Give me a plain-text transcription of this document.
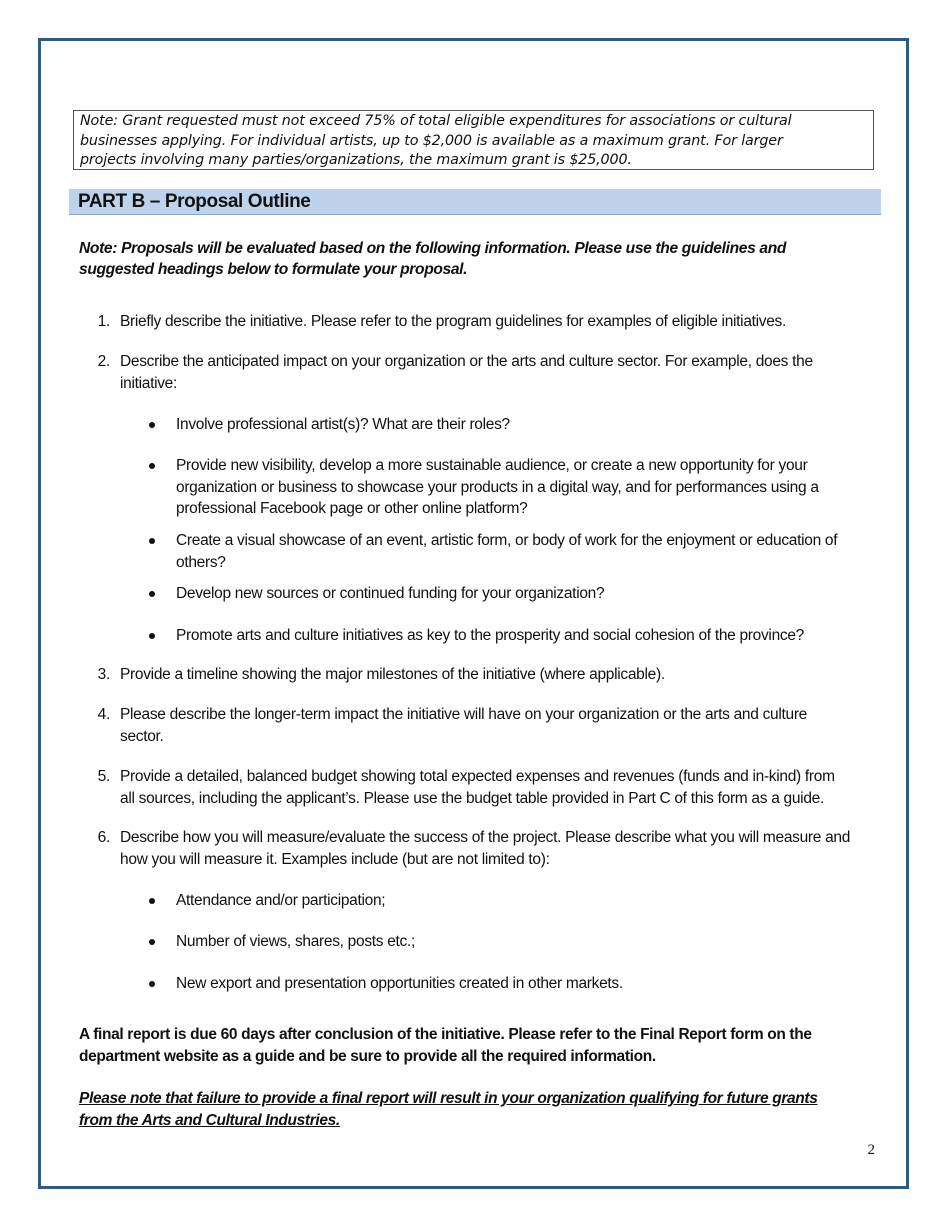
Note: Grant requested must not exceed 75% of total eligible expenditures for associations or cultural
businesses applying. For individual artists, up to $2,000 is available as a maximum grant. For larger
projects involving many parties/organizations, the maximum grant is $25,000.
PART B – Proposal Outline
Note: Proposals will be evaluated based on the following information. Please use the guidelines and
suggested headings below to formulate your proposal.
1. Briefly describe the initiative. Please refer to the program guidelines for examples of eligible initiatives.
2. Describe the anticipated impact on your organization or the arts and culture sector. For example, does the
initiative:
Involve professional artist(s)? What are their roles?
Provide new visibility, develop a more sustainable audience, or create a new opportunity for your
organization or business to showcase your products in a digital way, and for performances using a
professional Facebook page or other online platform?
Create a visual showcase of an event, artistic form, or body of work for the enjoyment or education of
others?
Develop new sources or continued funding for your organization?
Promote arts and culture initiatives as key to the prosperity and social cohesion of the province?
3. Provide a timeline showing the major milestones of the initiative (where applicable).
4. Please describe the longer-term impact the initiative will have on your organization or the arts and culture
sector.
5. Provide a detailed, balanced budget showing total expected expenses and revenues (funds and in-kind) from
all sources, including the applicant’s. Please use the budget table provided in Part C of this form as a guide.
6. Describe how you will measure/evaluate the success of the project. Please describe what you will measure and
how you will measure it. Examples include (but are not limited to):
Attendance and/or participation;
Number of views, shares, posts etc.;
New export and presentation opportunities created in other markets.
A final report is due 60 days after conclusion of the initiative. Please refer to the Final Report form on the
department website as a guide and be sure to provide all the required information.
Please note that failure to provide a final report will result in your organization qualifying for future grants
from the Arts and Cultural Industries.
2
